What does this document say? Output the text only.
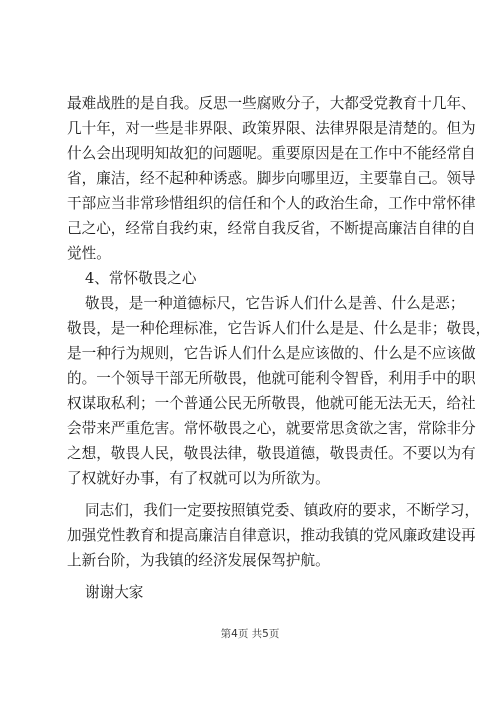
最难战胜的是自我。反思一些腐败分子，大都受党教育十几年、
几十年，对一些是非界限、政策界限、法律界限是清楚的。但为
什么会出现明知故犯的问题呢。重要原因是在工作中不能经常自
省，廉洁，经不起种种诱惑。脚步向哪里迈，主要靠自己。领导
干部应当非常珍惜组织的信任和个人的政治生命，工作中常怀律
己之心，经常自我约束，经常自我反省，不断提高廉洁自律的自
觉性。
4、常怀敬畏之心
敬畏，是一种道德标尺，它告诉人们什么是善、什么是恶；
敬畏，是一种伦理标准，它告诉人们什么是是、什么是非；敬畏，
是一种行为规则，它告诉人们什么是应该做的、什么是不应该做
的。一个领导干部无所敬畏，他就可能利令智昏，利用手中的职
权谋取私利；一个普通公民无所敬畏，他就可能无法无天，给社
会带来严重危害。常怀敬畏之心，就要常思贪欲之害，常除非分
之想，敬畏人民，敬畏法律，敬畏道德，敬畏责任。不要以为有
了权就好办事，有了权就可以为所欲为。
同志们，我们一定要按照镇党委、镇政府的要求，不断学习，
加强党性教育和提高廉洁自律意识，推动我镇的党风廉政建设再
上新台阶，为我镇的经济发展保驾护航。
谢谢大家
第4页 共5页
